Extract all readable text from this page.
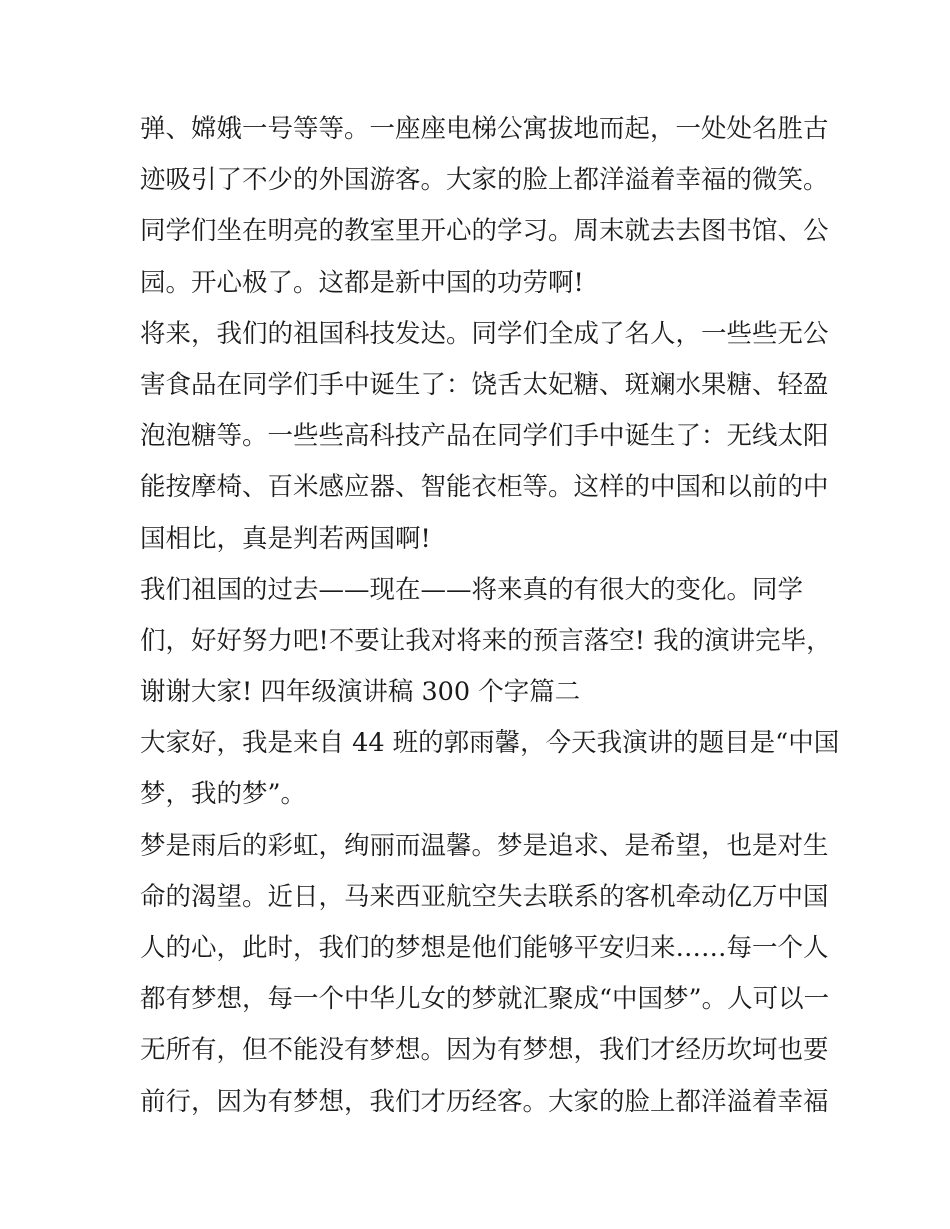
弹、嫦娥一号等等。一座座电梯公寓拔地而起，一处处名胜古
迹吸引了不少的外国游客。大家的脸上都洋溢着幸福的微笑。
同学们坐在明亮的教室里开心的学习。周末就去去图书馆、公
园。开心极了。这都是新中国的功劳啊!
将来，我们的祖国科技发达。同学们全成了名人，一些些无公
害食品在同学们手中诞生了：饶舌太妃糖、斑斓水果糖、轻盈
泡泡糖等。一些些高科技产品在同学们手中诞生了：无线太阳
能按摩椅、百米感应器、智能衣柜等。这样的中国和以前的中
国相比，真是判若两国啊!
我们祖国的过去——现在——将来真的有很大的变化。同学
们，好好努力吧!不要让我对将来的预言落空! 我的演讲完毕，
谢谢大家! 四年级演讲稿 300 个字篇二
大家好，我是来自 44 班的郭雨馨，今天我演讲的题目是“中国
梦，我的梦”。
梦是雨后的彩虹，绚丽而温馨。梦是追求、是希望，也是对生
命的渴望。近日，马来西亚航空失去联系的客机牵动亿万中国
人的心，此时，我们的梦想是他们能够平安归来……每一个人
都有梦想，每一个中华儿女的梦就汇聚成“中国梦”。人可以一
无所有，但不能没有梦想。因为有梦想，我们才经历坎坷也要
前行，因为有梦想，我们才历经客。大家的脸上都洋溢着幸福
